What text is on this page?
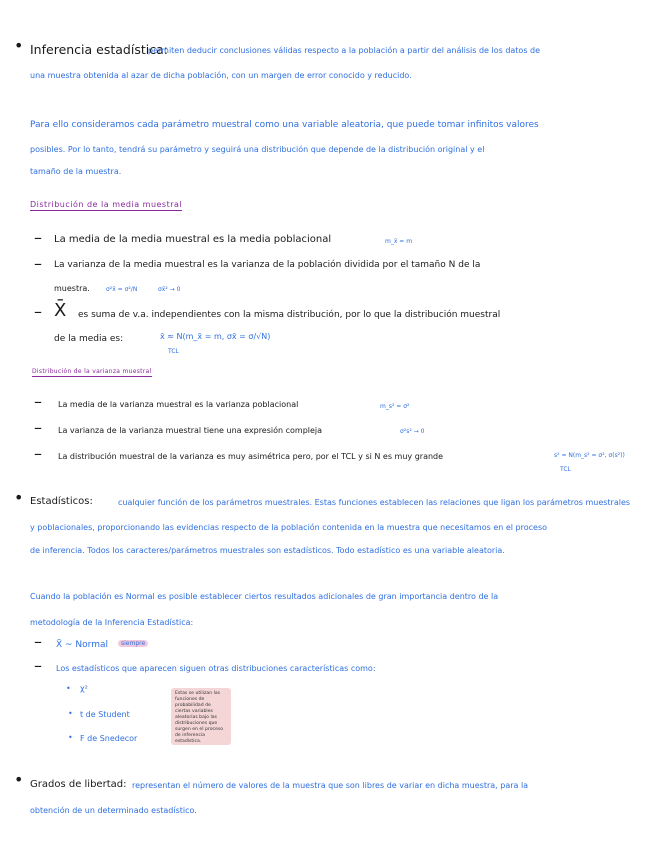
• Inferencia estadística:
permiten deducir conclusiones válidas respecto a la población a partir del análisis de los datos de
una muestra obtenida al azar de dicha población, con un margen de error conocido y reducido.
Para ello consideramos cada parámetro muestral como una variable aleatoria, que puede tomar infinitos valores
posibles. Por lo tanto, tendrá su parámetro y seguirá una distribución que depende de la distribución original y el
tamaño de la muestra.
Distribución de la media muestral
– La media de la media muestral es la media poblacional	m_x̄ = m
– La varianza de la media muestral es la varianza de la población dividida por el tamaño N de la
muestra.	σ²x̄ = σ²/N	σx̄² → 0
– X̄ es suma de v.a. independientes con la misma distribución, por lo que la distribución muestral
de la media es:	x̄ ≈ N(m_x̄ = m, σx̄ = σ/√N)
TCL
Distribución de la varianza muestral
– La media de la varianza muestral es la varianza poblacional	m_s² = σ²
– La varianza de la varianza muestral tiene una expresión compleja	σ²s² → 0
– La distribución muestral de la varianza es muy asimétrica pero, por el TCL y si N es muy grande	s² ≈ N(m_s² = σ², σ(s²))
TCL
• Estadísticos:	cualquier función de los parámetros muestrales. Estas funciones establecen las relaciones que ligan los parámetros muestrales
y poblacionales, proporcionando las evidencias respecto de la población contenida en la muestra que necesitamos en el proceso
de inferencia. Todos los caracteres/parámetros muestrales son estadísticos. Todo estadístico es una variable aleatoria.
Cuando la población es Normal es posible establecer ciertos resultados adicionales de gran importancia dentro de la
metodología de la Inferencia Estadística:
– X̄ ~ Normal	siempre
– Los estadísticos que aparecen siguen otras distribuciones características como:
• χ²
• t de Student
• F de Snedecor
Estas se utilizan las funciones de probabilidad de ciertas variables aleatorias bajo las distribuciones que surgen en el proceso de inferencia estadística.
• Grados de libertad: representan el número de valores de la muestra que son libres de variar en dicha muestra, para la
obtención de un determinado estadístico.
